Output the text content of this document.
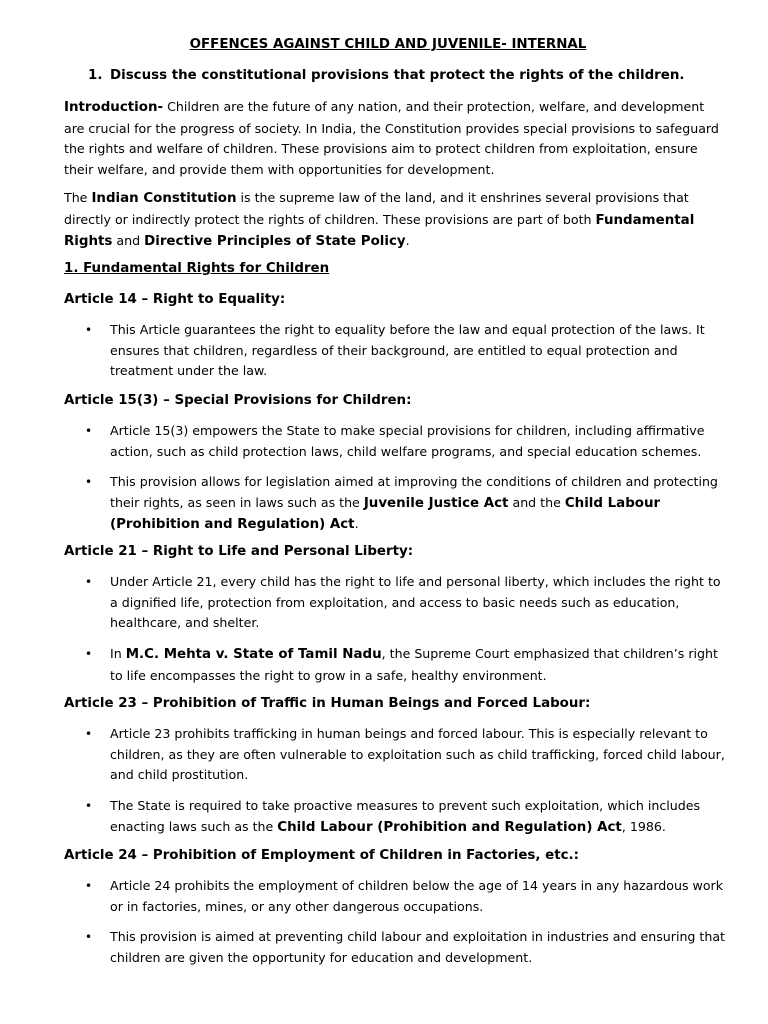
OFFENCES AGAINST CHILD AND JUVENILE- INTERNAL
1. Discuss the constitutional provisions that protect the rights of the children.

Introduction- Children are the future of any nation, and their protection, welfare, and development are crucial for the progress of society. In India, the Constitution provides special provisions to safeguard the rights and welfare of children. These provisions aim to protect children from exploitation, ensure their welfare, and provide them with opportunities for development.

The Indian Constitution is the supreme law of the land, and it enshrines several provisions that directly or indirectly protect the rights of children. These provisions are part of both Fundamental Rights and Directive Principles of State Policy.

1. Fundamental Rights for Children
Article 14 – Right to Equality:
•	This Article guarantees the right to equality before the law and equal protection of the laws. It ensures that children, regardless of their background, are entitled to equal protection and treatment under the law.
Article 15(3) – Special Provisions for Children:
•	Article 15(3) empowers the State to make special provisions for children, including affirmative action, such as child protection laws, child welfare programs, and special education schemes.
•	This provision allows for legislation aimed at improving the conditions of children and protecting their rights, as seen in laws such as the Juvenile Justice Act and the Child Labour (Prohibition and Regulation) Act.
Article 21 – Right to Life and Personal Liberty:
•	Under Article 21, every child has the right to life and personal liberty, which includes the right to a dignified life, protection from exploitation, and access to basic needs such as education, healthcare, and shelter.
•	In M.C. Mehta v. State of Tamil Nadu, the Supreme Court emphasized that children’s right to life encompasses the right to grow in a safe, healthy environment.
Article 23 – Prohibition of Traffic in Human Beings and Forced Labour:
•	Article 23 prohibits trafficking in human beings and forced labour. This is especially relevant to children, as they are often vulnerable to exploitation such as child trafficking, forced child labour, and child prostitution.
•	The State is required to take proactive measures to prevent such exploitation, which includes enacting laws such as the Child Labour (Prohibition and Regulation) Act, 1986.
Article 24 – Prohibition of Employment of Children in Factories, etc.:
•	Article 24 prohibits the employment of children below the age of 14 years in any hazardous work or in factories, mines, or any other dangerous occupations.
•	This provision is aimed at preventing child labour and exploitation in industries and ensuring that children are given the opportunity for education and development.
